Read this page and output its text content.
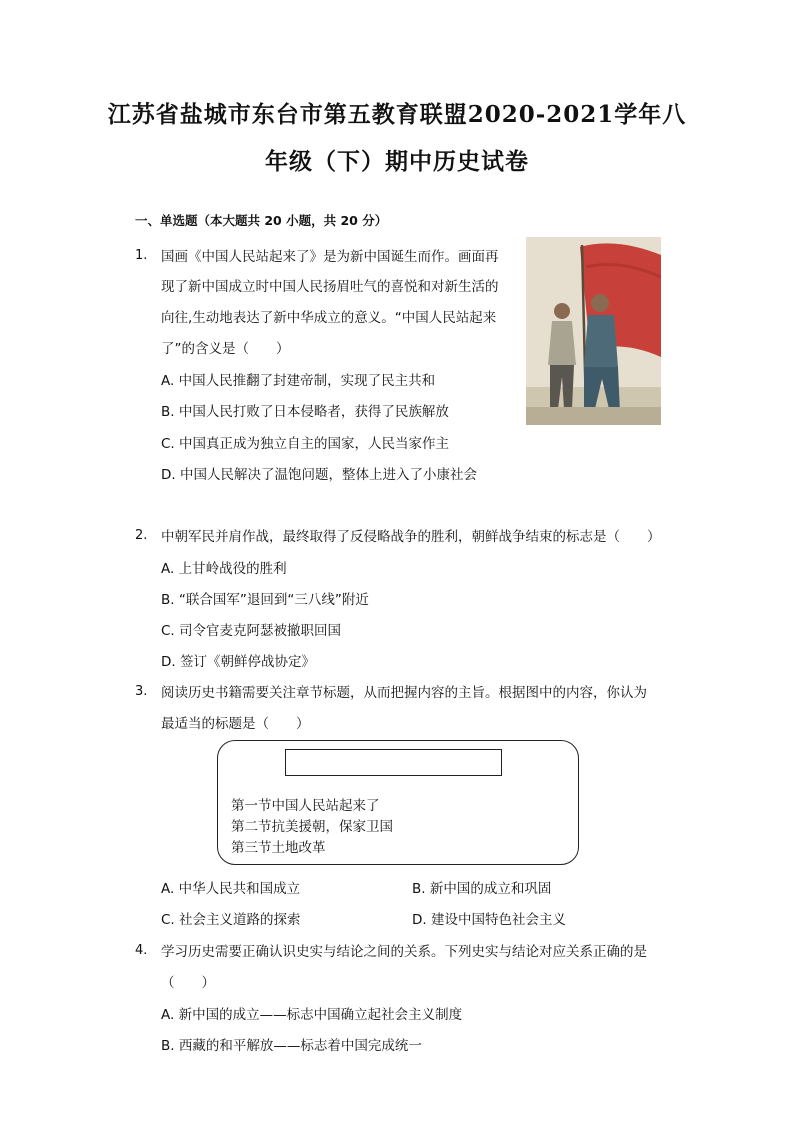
江苏省盐城市东台市第五教育联盟2020-2021学年八
年级（下）期中历史试卷
一、单选题（本大题共 20 小题，共 20 分）
1. 国画《中国人民站起来了》是为新中国诞生而作。画面再
现了新中国成立时中国人民扬眉吐气的喜悦和对新生活的
向往,生动地表达了新中华成立的意义。“中国人民站起来
了”的含义是（　　）
A. 中国人民推翻了封建帝制，实现了民主共和
B. 中国人民打败了日本侵略者，获得了民族解放
C. 中国真正成为独立自主的国家，人民当家作主
D. 中国人民解决了温饱问题，整体上进入了小康社会
2. 中朝军民并肩作战，最终取得了反侵略战争的胜利，朝鲜战争结束的标志是（　　）
A. 上甘岭战役的胜利
B. “联合国军”退回到“三八线”附近
C. 司令官麦克阿瑟被撤职回国
D. 签订《朝鲜停战协定》
3. 阅读历史书籍需要关注章节标题，从而把握内容的主旨。根据图中的内容，你认为
最适当的标题是（　　）
第一节中国人民站起来了
第二节抗美援朝，保家卫国
第三节土地改革
A. 中华人民共和国成立	B. 新中国的成立和巩固
C. 社会主义道路的探索	D. 建设中国特色社会主义
4. 学习历史需要正确认识史实与结论之间的关系。下列史实与结论对应关系正确的是
（　　）
A. 新中国的成立——标志中国确立起社会主义制度
B. 西藏的和平解放——标志着中国完成统一
